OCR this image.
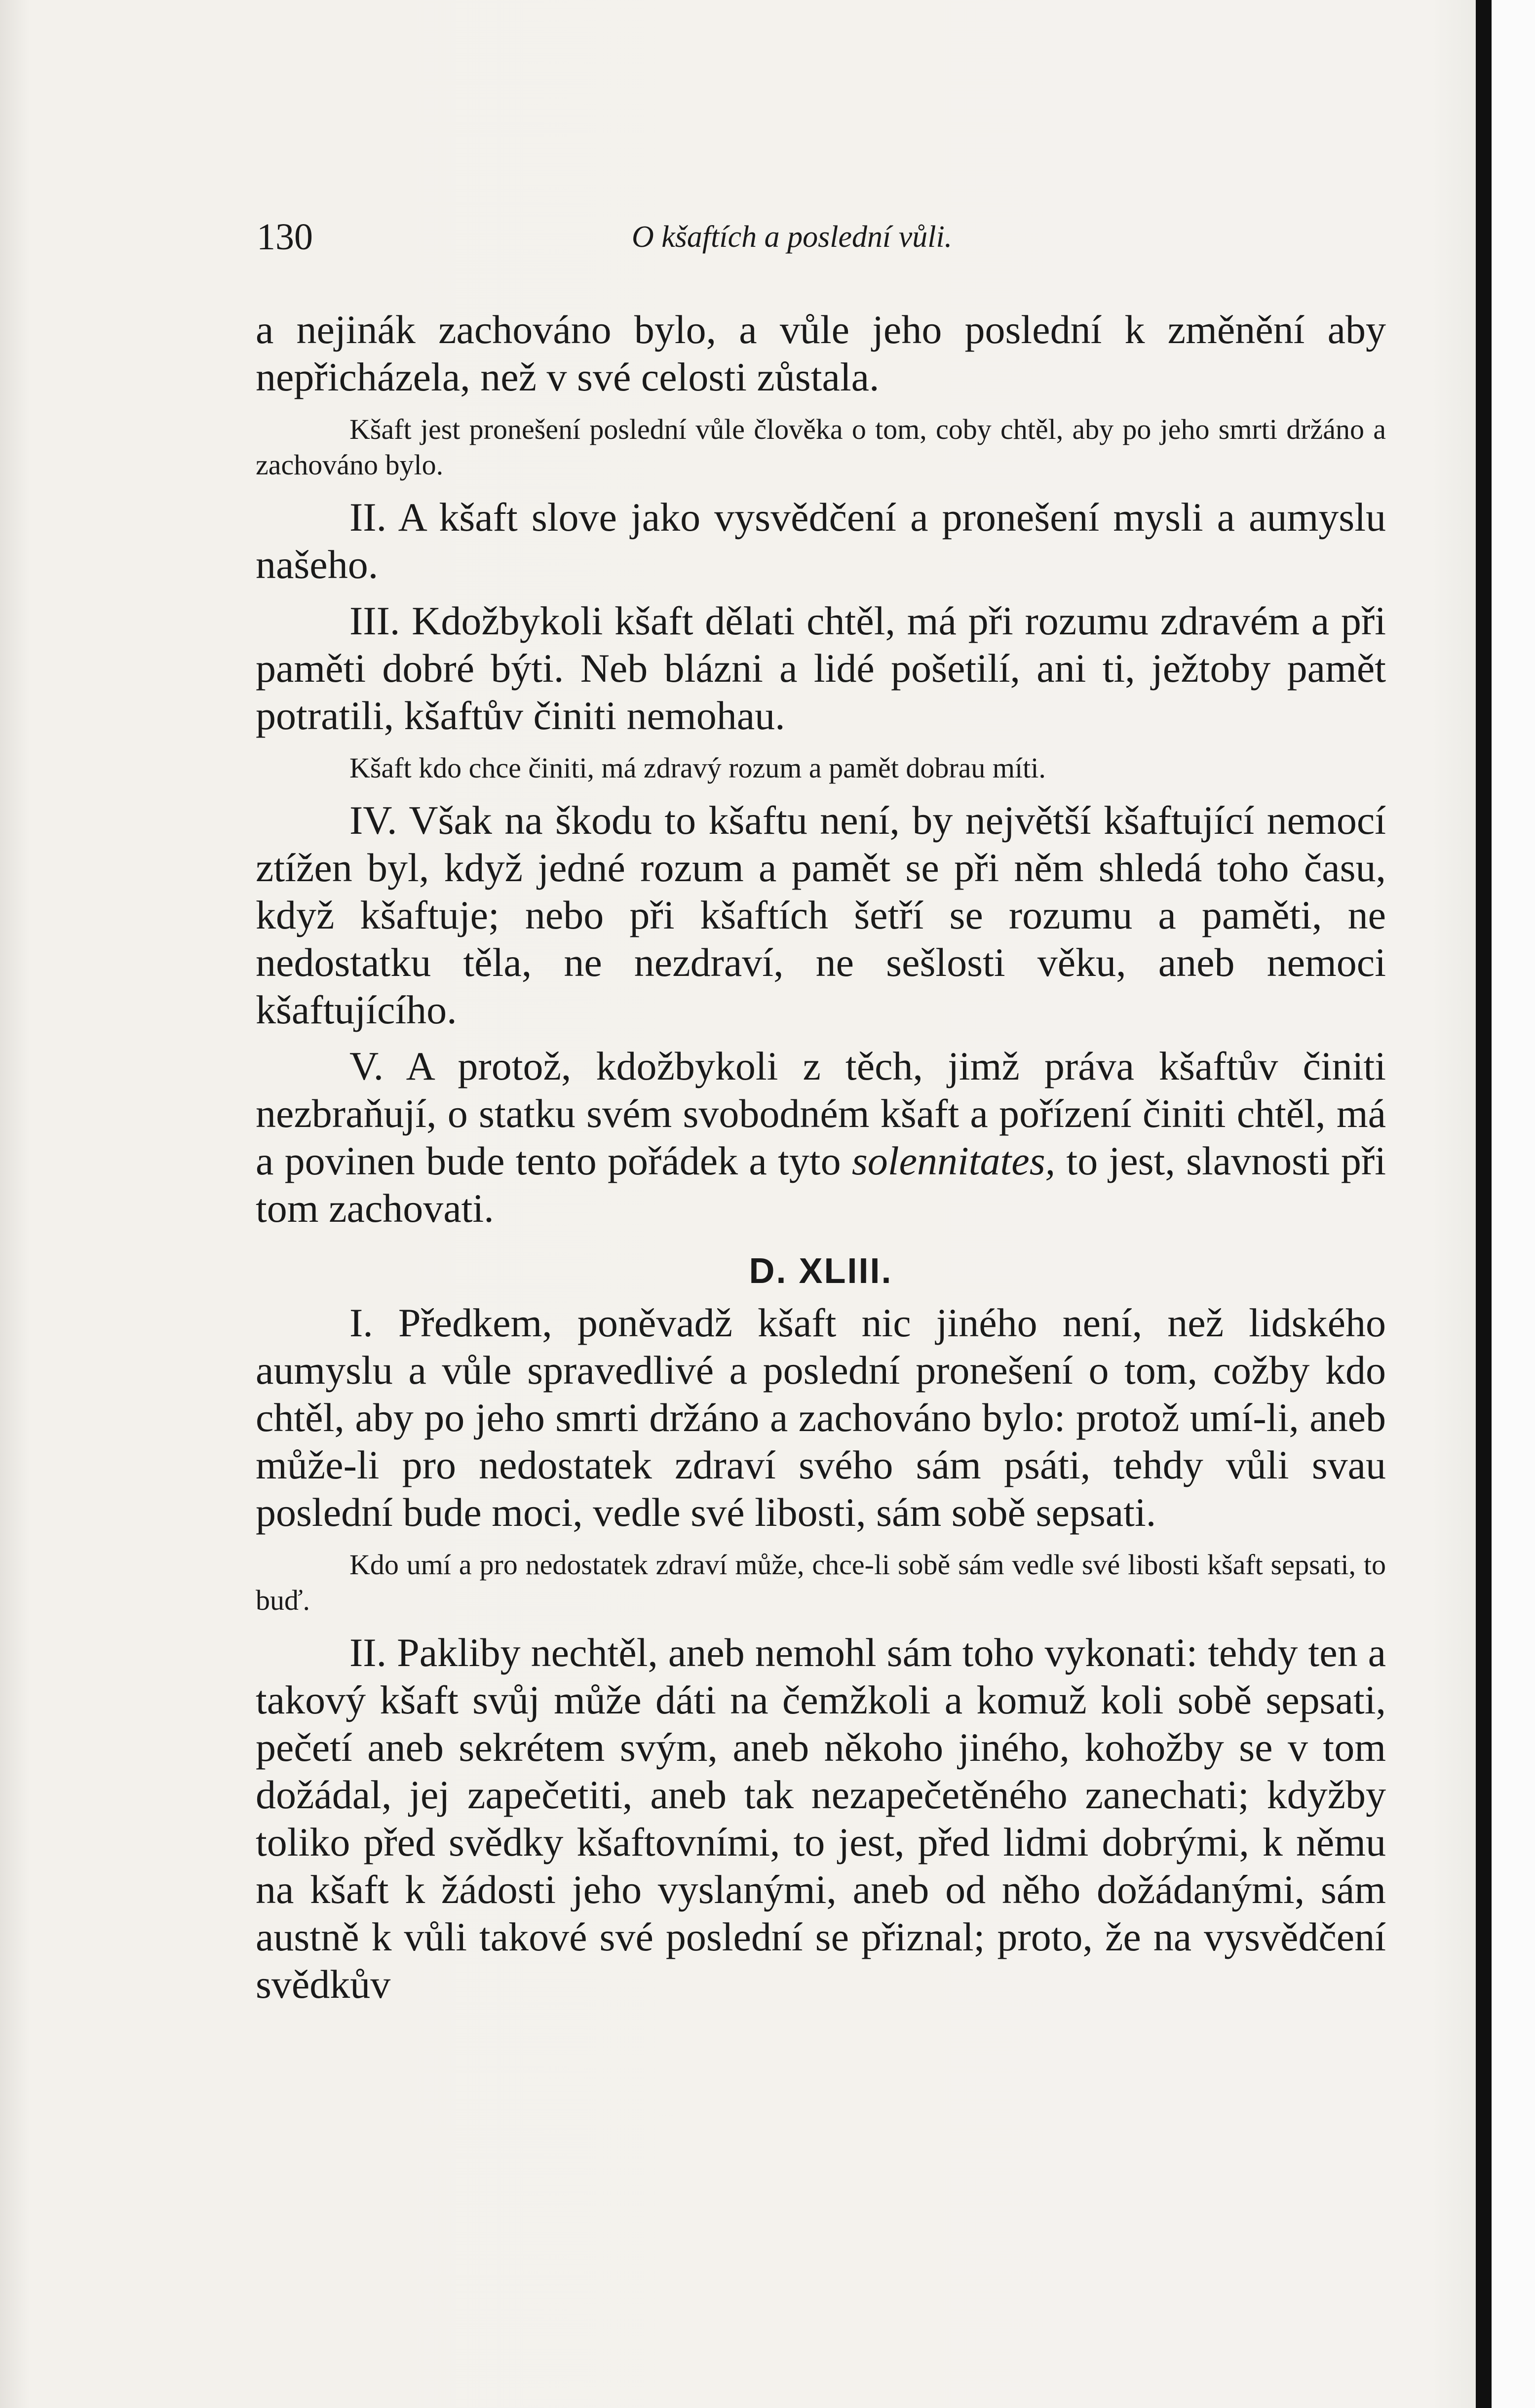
130	O kšaftích a poslední vůli.

a nejinák zachováno bylo, a vůle jeho poslední k změnění aby nepřicházela, než v své celosti zůstala.

Kšaft jest pronešení poslední vůle člověka o tom, coby chtěl, aby po jeho smrti držáno a zachováno bylo.

II. A kšaft slove jako vysvědčení a pronešení mysli a aumyslu našeho.

III. Kdožbykoli kšaft dělati chtěl, má při rozumu zdravém a při paměti dobré býti. Neb blázni a lidé pošetilí, ani ti, ježtoby pamět potratili, kšaftův činiti nemohau.

Kšaft kdo chce činiti, má zdravý rozum a pamět dobrau míti.

IV. Však na škodu to kšaftu není, by největší kšaftující nemocí ztížen byl, když jedné rozum a pamět se při něm shledá toho času, když kšaftuje; nebo při kšaftích šetří se rozumu a paměti, ne nedostatku těla, ne nezdraví, ne sešlosti věku, aneb nemoci kšaftujícího.

V. A protož, kdožbykoli z těch, jimž práva kšaftův činiti nezbraňují, o statku svém svobodném kšaft a pořízení činiti chtěl, má a povinen bude tento pořádek a tyto solennitates, to jest, slavnosti při tom zachovati.

D. XLIII.

I. Předkem, poněvadž kšaft nic jiného není, než lidského aumyslu a vůle spravedlivé a poslední pronešení o tom, cožby kdo chtěl, aby po jeho smrti držáno a zachováno bylo: protož umí-li, aneb může-li pro nedostatek zdraví svého sám psáti, tehdy vůli svau poslední bude moci, vedle své libosti, sám sobě sepsati.

Kdo umí a pro nedostatek zdraví může, chce-li sobě sám vedle své libosti kšaft sepsati, to buď.

II. Pakliby nechtěl, aneb nemohl sám toho vykonati: tehdy ten a takový kšaft svůj může dáti na čemžkoli a komuž koli sobě sepsati, pečetí aneb sekrétem svým, aneb někoho jiného, kohožby se v tom dožádal, jej zapečetiti, aneb tak nezapečetěného zanechati; kdyžby toliko před svědky kšaftovními, to jest, před lidmi dobrými, k němu na kšaft k žádosti jeho vyslanými, aneb od něho dožádanými, sám austně k vůli takové své poslední se přiznal; proto, že na vysvědčení svědkův
